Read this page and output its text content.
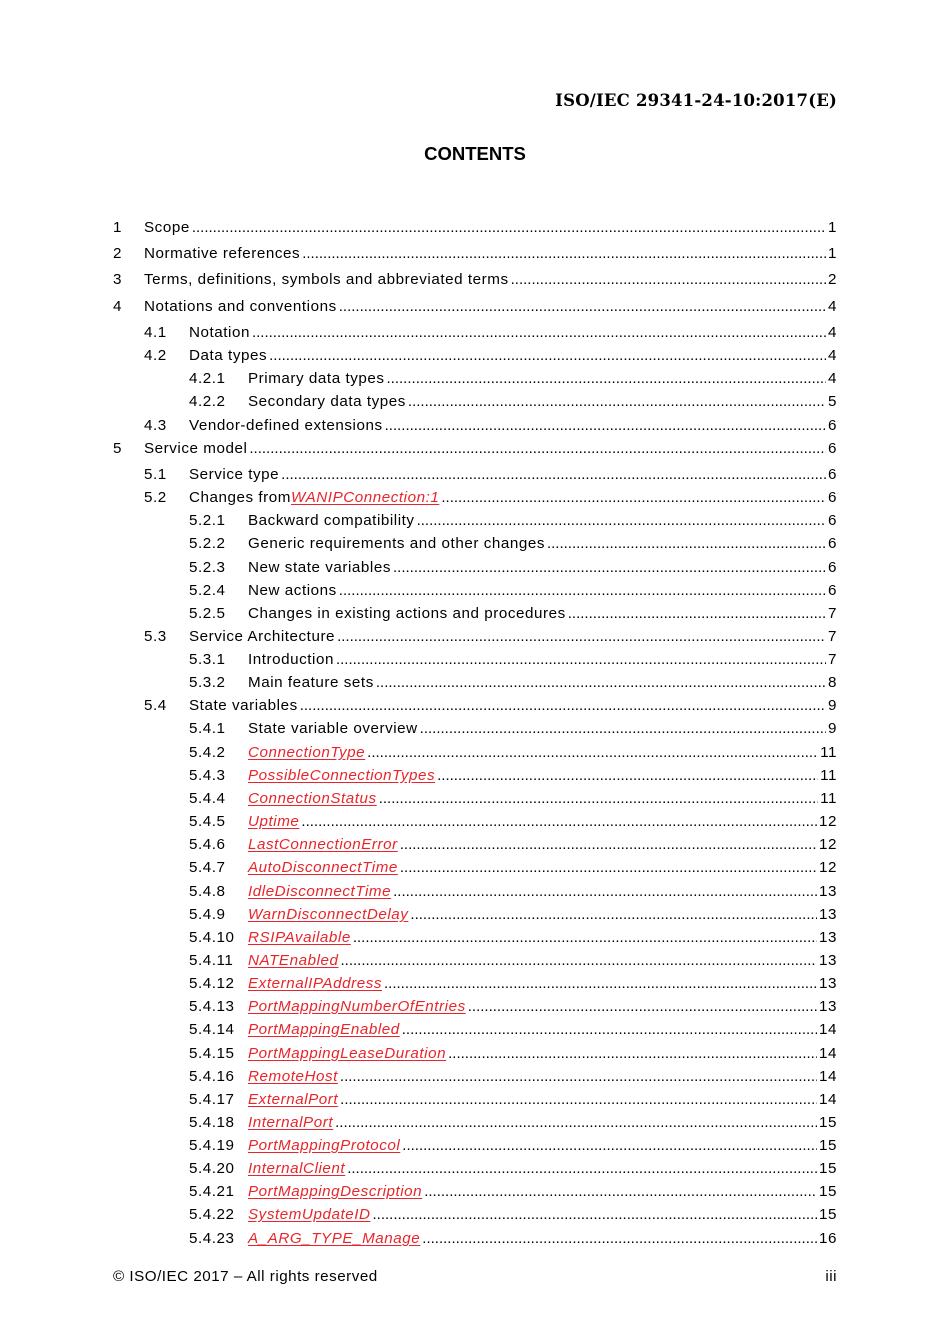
ISO/IEC 29341-24-10:2017(E)
CONTENTS
1	Scope .....	1
2	Normative references .....	1
3	Terms, definitions, symbols and abbreviated terms .....	2
4	Notations and conventions .....	4
4.1	Notation .....	4
4.2	Data types .....	4
4.2.1	Primary data types .....	4
4.2.2	Secondary data types .....	5
4.3	Vendor-defined extensions .....	6
5	Service model .....	6
5.1	Service type .....	6
5.2	Changes from WANIPConnection:1 .....	6
5.2.1	Backward compatibility .....	6
5.2.2	Generic requirements and other changes .....	6
5.2.3	New state variables .....	6
5.2.4	New actions .....	6
5.2.5	Changes in existing actions and procedures .....	7
5.3	Service Architecture .....	7
5.3.1	Introduction .....	7
5.3.2	Main feature sets .....	8
5.4	State variables .....	9
5.4.1	State variable overview .....	9
5.4.2	ConnectionType .....	11
5.4.3	PossibleConnectionTypes .....	11
5.4.4	ConnectionStatus .....	11
5.4.5	Uptime .....	12
5.4.6	LastConnectionError .....	12
5.4.7	AutoDisconnectTime .....	12
5.4.8	IdleDisconnectTime .....	13
5.4.9	WarnDisconnectDelay .....	13
5.4.10 RSIPAvailable .....	13
5.4.11 NATEnabled .....	13
5.4.12 ExternalIPAddress .....	13
5.4.13 PortMappingNumberOfEntries .....	13
5.4.14 PortMappingEnabled .....	14
5.4.15 PortMappingLeaseDuration .....	14
5.4.16 RemoteHost .....	14
5.4.17 ExternalPort .....	14
5.4.18 InternalPort .....	15
5.4.19 PortMappingProtocol .....	15
5.4.20 InternalClient .....	15
5.4.21 PortMappingDescription .....	15
5.4.22 SystemUpdateID .....	15
5.4.23 A_ARG_TYPE_Manage .....	16
© ISO/IEC 2017 – All rights reserved	iii
